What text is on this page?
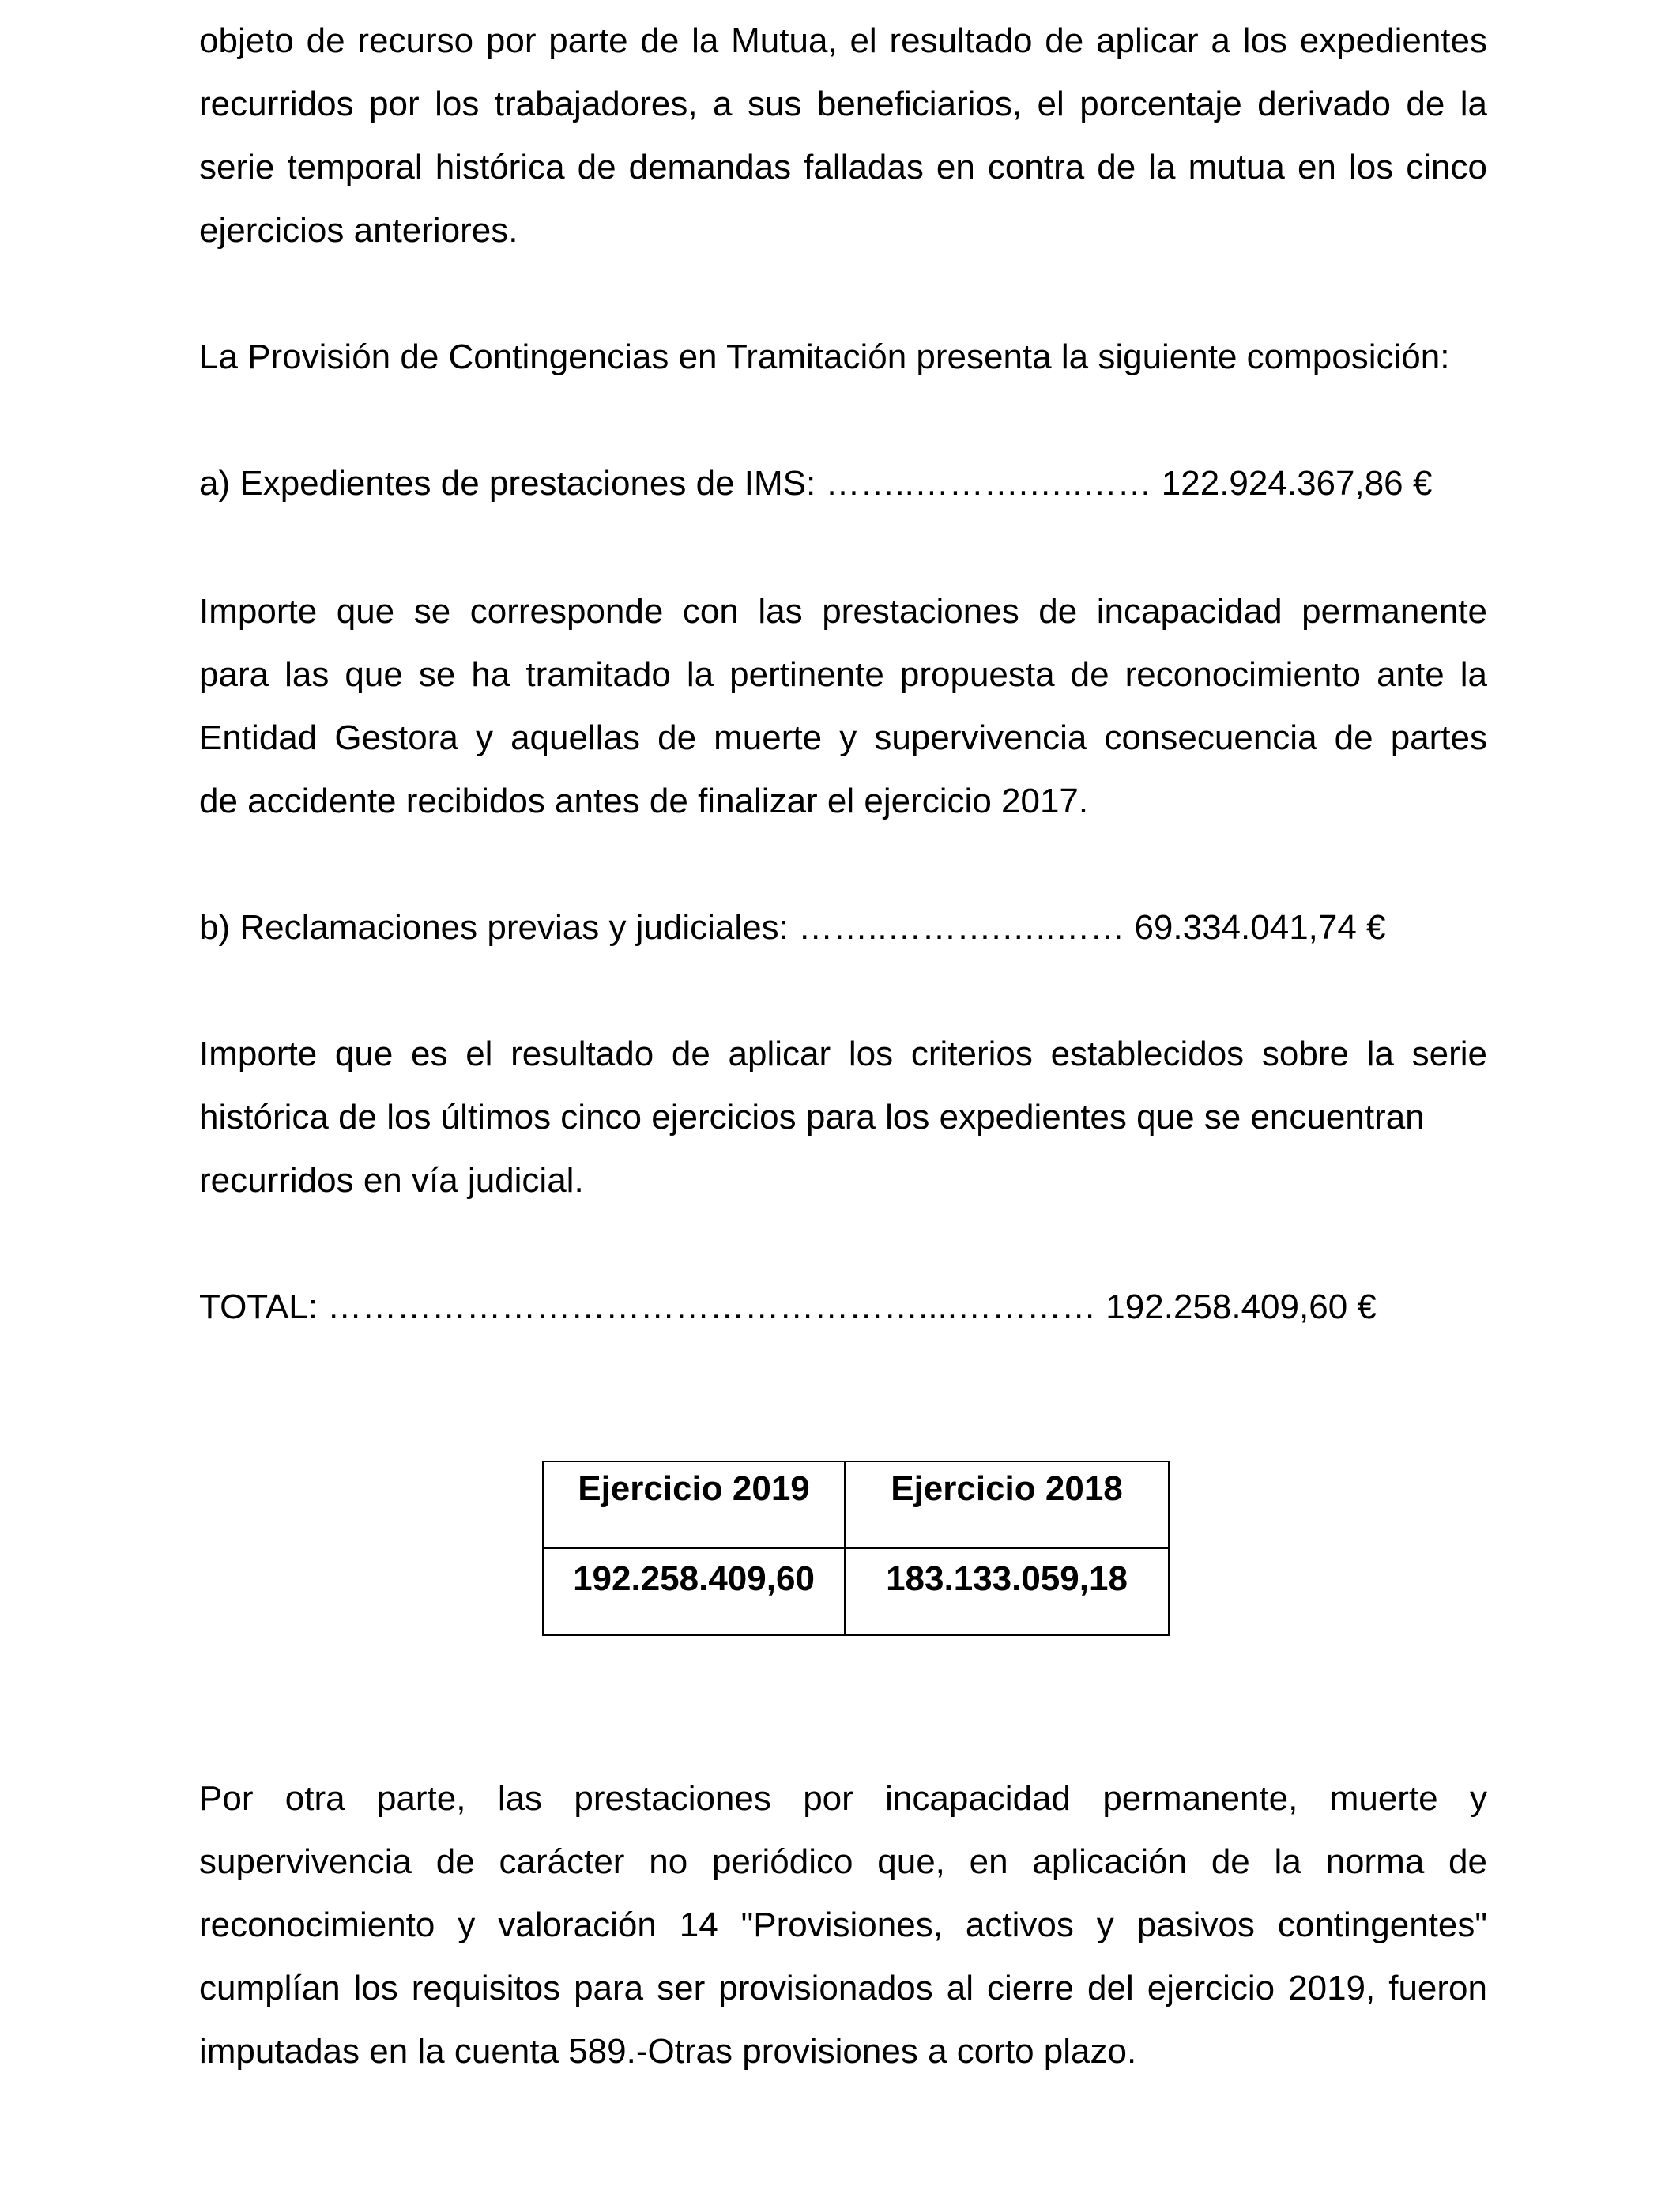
objeto de recurso por parte de la Mutua, el resultado de aplicar a los expedientes
recurridos por los trabajadores, a sus beneficiarios, el porcentaje derivado de la
serie temporal histórica de demandas falladas en contra de la mutua en los cinco
ejercicios anteriores.

La Provisión de Contingencias en Tramitación presenta la siguiente composición:

a) Expedientes de prestaciones de IMS: ……..……….…..…… 122.924.367,86 €

Importe que se corresponde con las prestaciones de incapacidad permanente
para las que se ha tramitado la pertinente propuesta de reconocimiento ante la
Entidad Gestora y aquellas de muerte y supervivencia consecuencia de partes
de accidente recibidos antes de finalizar el ejercicio 2017.

b) Reclamaciones previas y judiciales: ……..……….…..…… 69.334.041,74 €

Importe que es el resultado de aplicar los criterios establecidos sobre la serie
histórica de los últimos cinco ejercicios para los expedientes que se encuentran
recurridos en vía judicial.

TOTAL: ……………………………………………....………… 192.258.409,60 €

Ejercicio 2019	Ejercicio 2018
192.258.409,60	183.133.059,18

Por otra parte, las prestaciones por incapacidad permanente, muerte y
supervivencia de carácter no periódico que, en aplicación de la norma de
reconocimiento y valoración 14 "Provisiones, activos y pasivos contingentes"
cumplían los requisitos para ser provisionados al cierre del ejercicio 2019, fueron
imputadas en la cuenta 589.-Otras provisiones a corto plazo.
